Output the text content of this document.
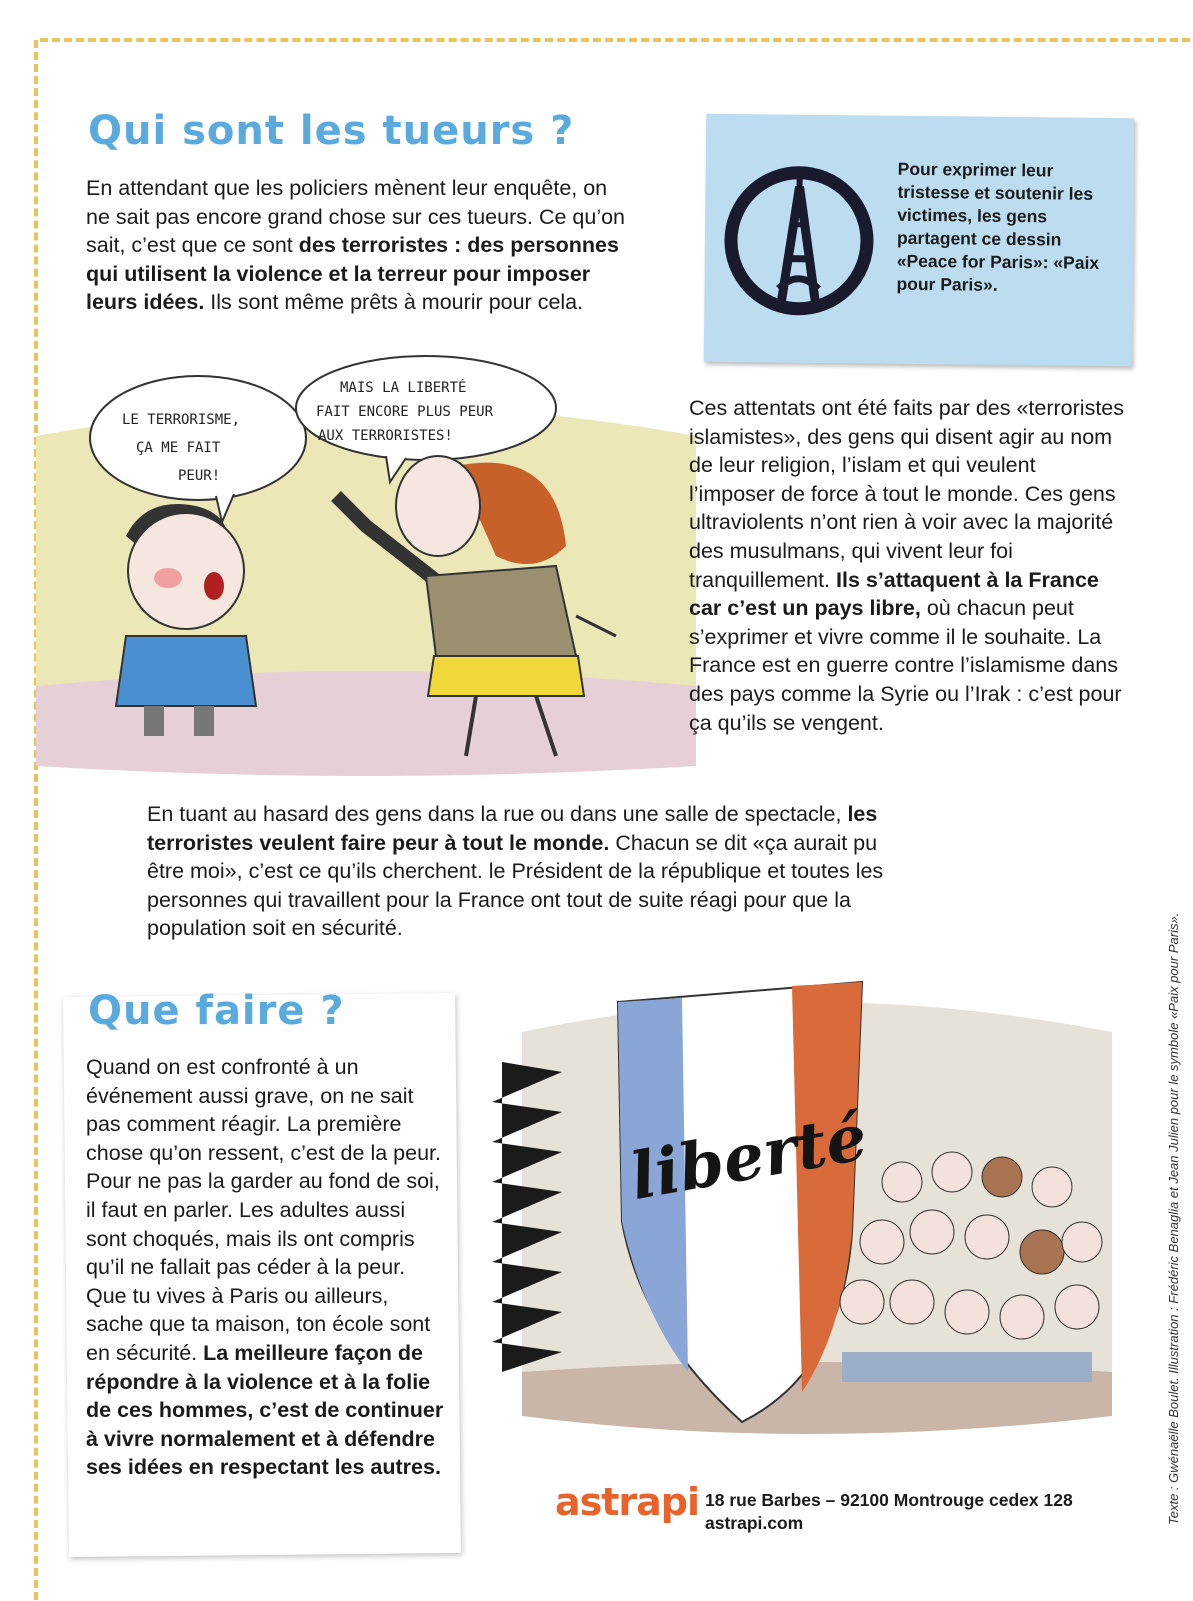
Qui sont les tueurs ?
En attendant que les policiers mènent leur enquête, on ne sait pas encore grand chose sur ces tueurs. Ce qu’on sait, c’est que ce sont des terroristes : des personnes qui utilisent la violence et la terreur pour imposer leurs idées. Ils sont même prêts à mourir pour cela.
Pour exprimer leur tristesse et soutenir les victimes, les gens partagent ce dessin «Peace for Paris»: «Paix pour Paris».
LE TERRORISME,
ÇA ME FAIT
PEUR!
MAIS LA LIBERTÉ
FAIT ENCORE PLUS PEUR
AUX TERRORISTES!
Ces attentats ont été faits par des «terroristes islamistes», des gens qui disent agir au nom de leur religion, l’islam et qui veulent l’imposer de force à tout le monde. Ces gens ultraviolents n’ont rien à voir avec la majorité des musulmans, qui vivent leur foi tranquillement. Ils s’attaquent à la France car c’est un pays libre, où chacun peut s’exprimer et vivre comme il le souhaite. La France est en guerre contre l’islamisme dans des pays comme la Syrie ou l’Irak : c’est pour ça qu’ils se vengent.
En tuant au hasard des gens dans la rue ou dans une salle de spectacle, les terroristes veulent faire peur à tout le monde. Chacun se dit «ça aurait pu être moi», c’est ce qu’ils cherchent. le Président de la république et toutes les personnes qui travaillent pour la France ont tout de suite réagi pour que la population soit en sécurité.
Que faire ?
Quand on est confronté à un événement aussi grave, on ne sait pas comment réagir. La première chose qu’on ressent, c’est de la peur. Pour ne pas la garder au fond de soi, il faut en parler. Les adultes aussi sont choqués, mais ils ont compris qu’il ne fallait pas céder à la peur. Que tu vives à Paris ou ailleurs, sache que ta maison, ton école sont en sécurité. La meilleure façon de répondre à la violence et à la folie de ces hommes, c’est de continuer à vivre normalement et à défendre ses idées en respectant les autres.
liberté	Texte : Gwénaëlle Boulet. Illustration : Frédéric Benaglia et Jean Julien pour le symbole «Paix pour Paris».
astrapi 18 rue Barbes – 92100 Montrouge cedex 128
astrapi.com
